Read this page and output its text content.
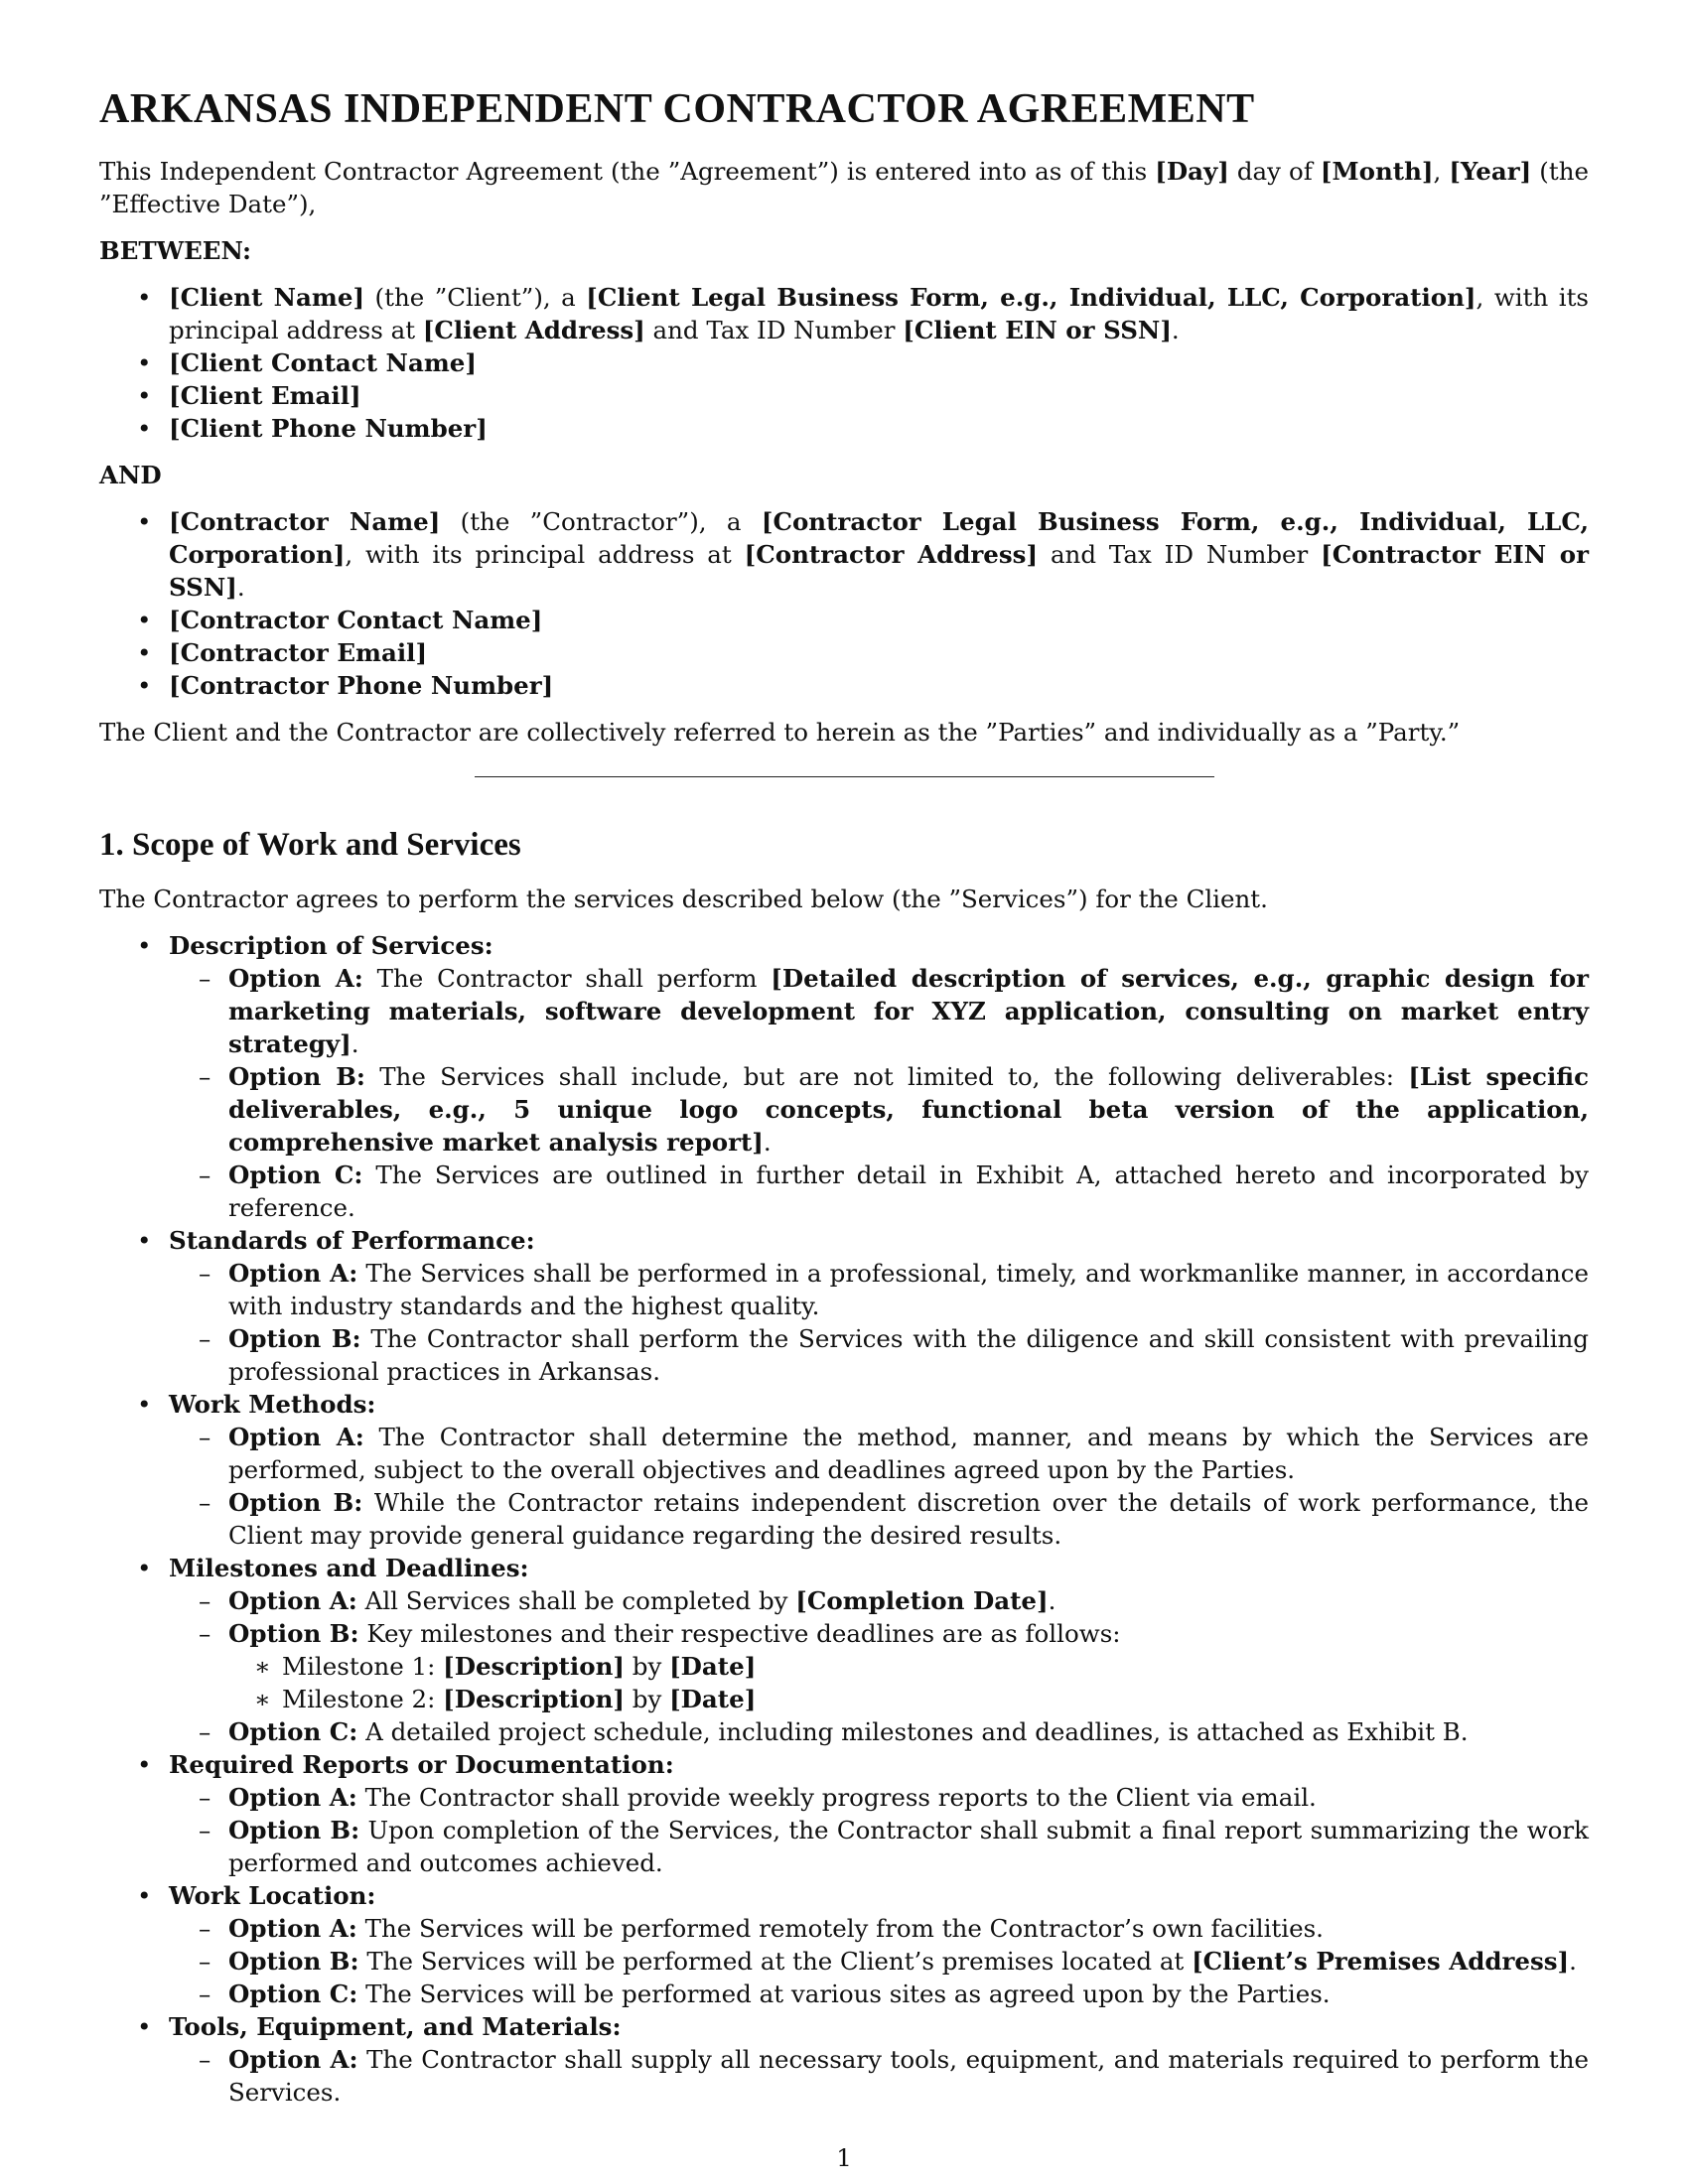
ARKANSAS INDEPENDENT CONTRACTOR AGREEMENT

This Independent Contractor Agreement (the ”Agreement”) is entered into as of this [Day] day of [Month], [Year] (the ”Effective Date”),

BETWEEN:
• [Client Name] (the ”Client”), a [Client Legal Business Form, e.g., Individual, LLC, Corporation], with its principal address at [Client Address] and Tax ID Number [Client EIN or SSN].
• [Client Contact Name]
• [Client Email]
• [Client Phone Number]
AND
• [Contractor Name] (the ”Contractor”), a [Contractor Legal Business Form, e.g., Individual, LLC, Corporation], with its principal address at [Contractor Address] and Tax ID Number [Contractor EIN or SSN].
• [Contractor Contact Name]
• [Contractor Email]
• [Contractor Phone Number]

The Client and the Contractor are collectively referred to herein as the ”Parties” and individually as a ”Party.”

1. Scope of Work and Services

The Contractor agrees to perform the services described below (the ”Services”) for the Client.

• Description of Services:
– Option A: The Contractor shall perform [Detailed description of services, e.g., graphic design for marketing materials, software development for XYZ application, consulting on market entry strategy].
– Option B: The Services shall include, but are not limited to, the following deliverables: [List specific deliverables, e.g., 5 unique logo concepts, functional beta version of the application, comprehensive market analysis report].
– Option C: The Services are outlined in further detail in Exhibit A, attached hereto and incorporated by reference.
• Standards of Performance:
– Option A: The Services shall be performed in a professional, timely, and workmanlike manner, in accordance with industry standards and the highest quality.
– Option B: The Contractor shall perform the Services with the diligence and skill consistent with prevailing professional practices in Arkansas.
• Work Methods:
– Option A: The Contractor shall determine the method, manner, and means by which the Services are performed, subject to the overall objectives and deadlines agreed upon by the Parties.
– Option B: While the Contractor retains independent discretion over the details of work performance, the Client may provide general guidance regarding the desired results.
• Milestones and Deadlines:
– Option A: All Services shall be completed by [Completion Date].
– Option B: Key milestones and their respective deadlines are as follows:
∗ Milestone 1: [Description] by [Date]
∗ Milestone 2: [Description] by [Date]
– Option C: A detailed project schedule, including milestones and deadlines, is attached as Exhibit B.
• Required Reports or Documentation:
– Option A: The Contractor shall provide weekly progress reports to the Client via email.
– Option B: Upon completion of the Services, the Contractor shall submit a final report summarizing the work performed and outcomes achieved.
• Work Location:
– Option A: The Services will be performed remotely from the Contractor’s own facilities.
– Option B: The Services will be performed at the Client’s premises located at [Client’s Premises Address].
– Option C: The Services will be performed at various sites as agreed upon by the Parties.
• Tools, Equipment, and Materials:
– Option A: The Contractor shall supply all necessary tools, equipment, and materials required to perform the Services.
1
